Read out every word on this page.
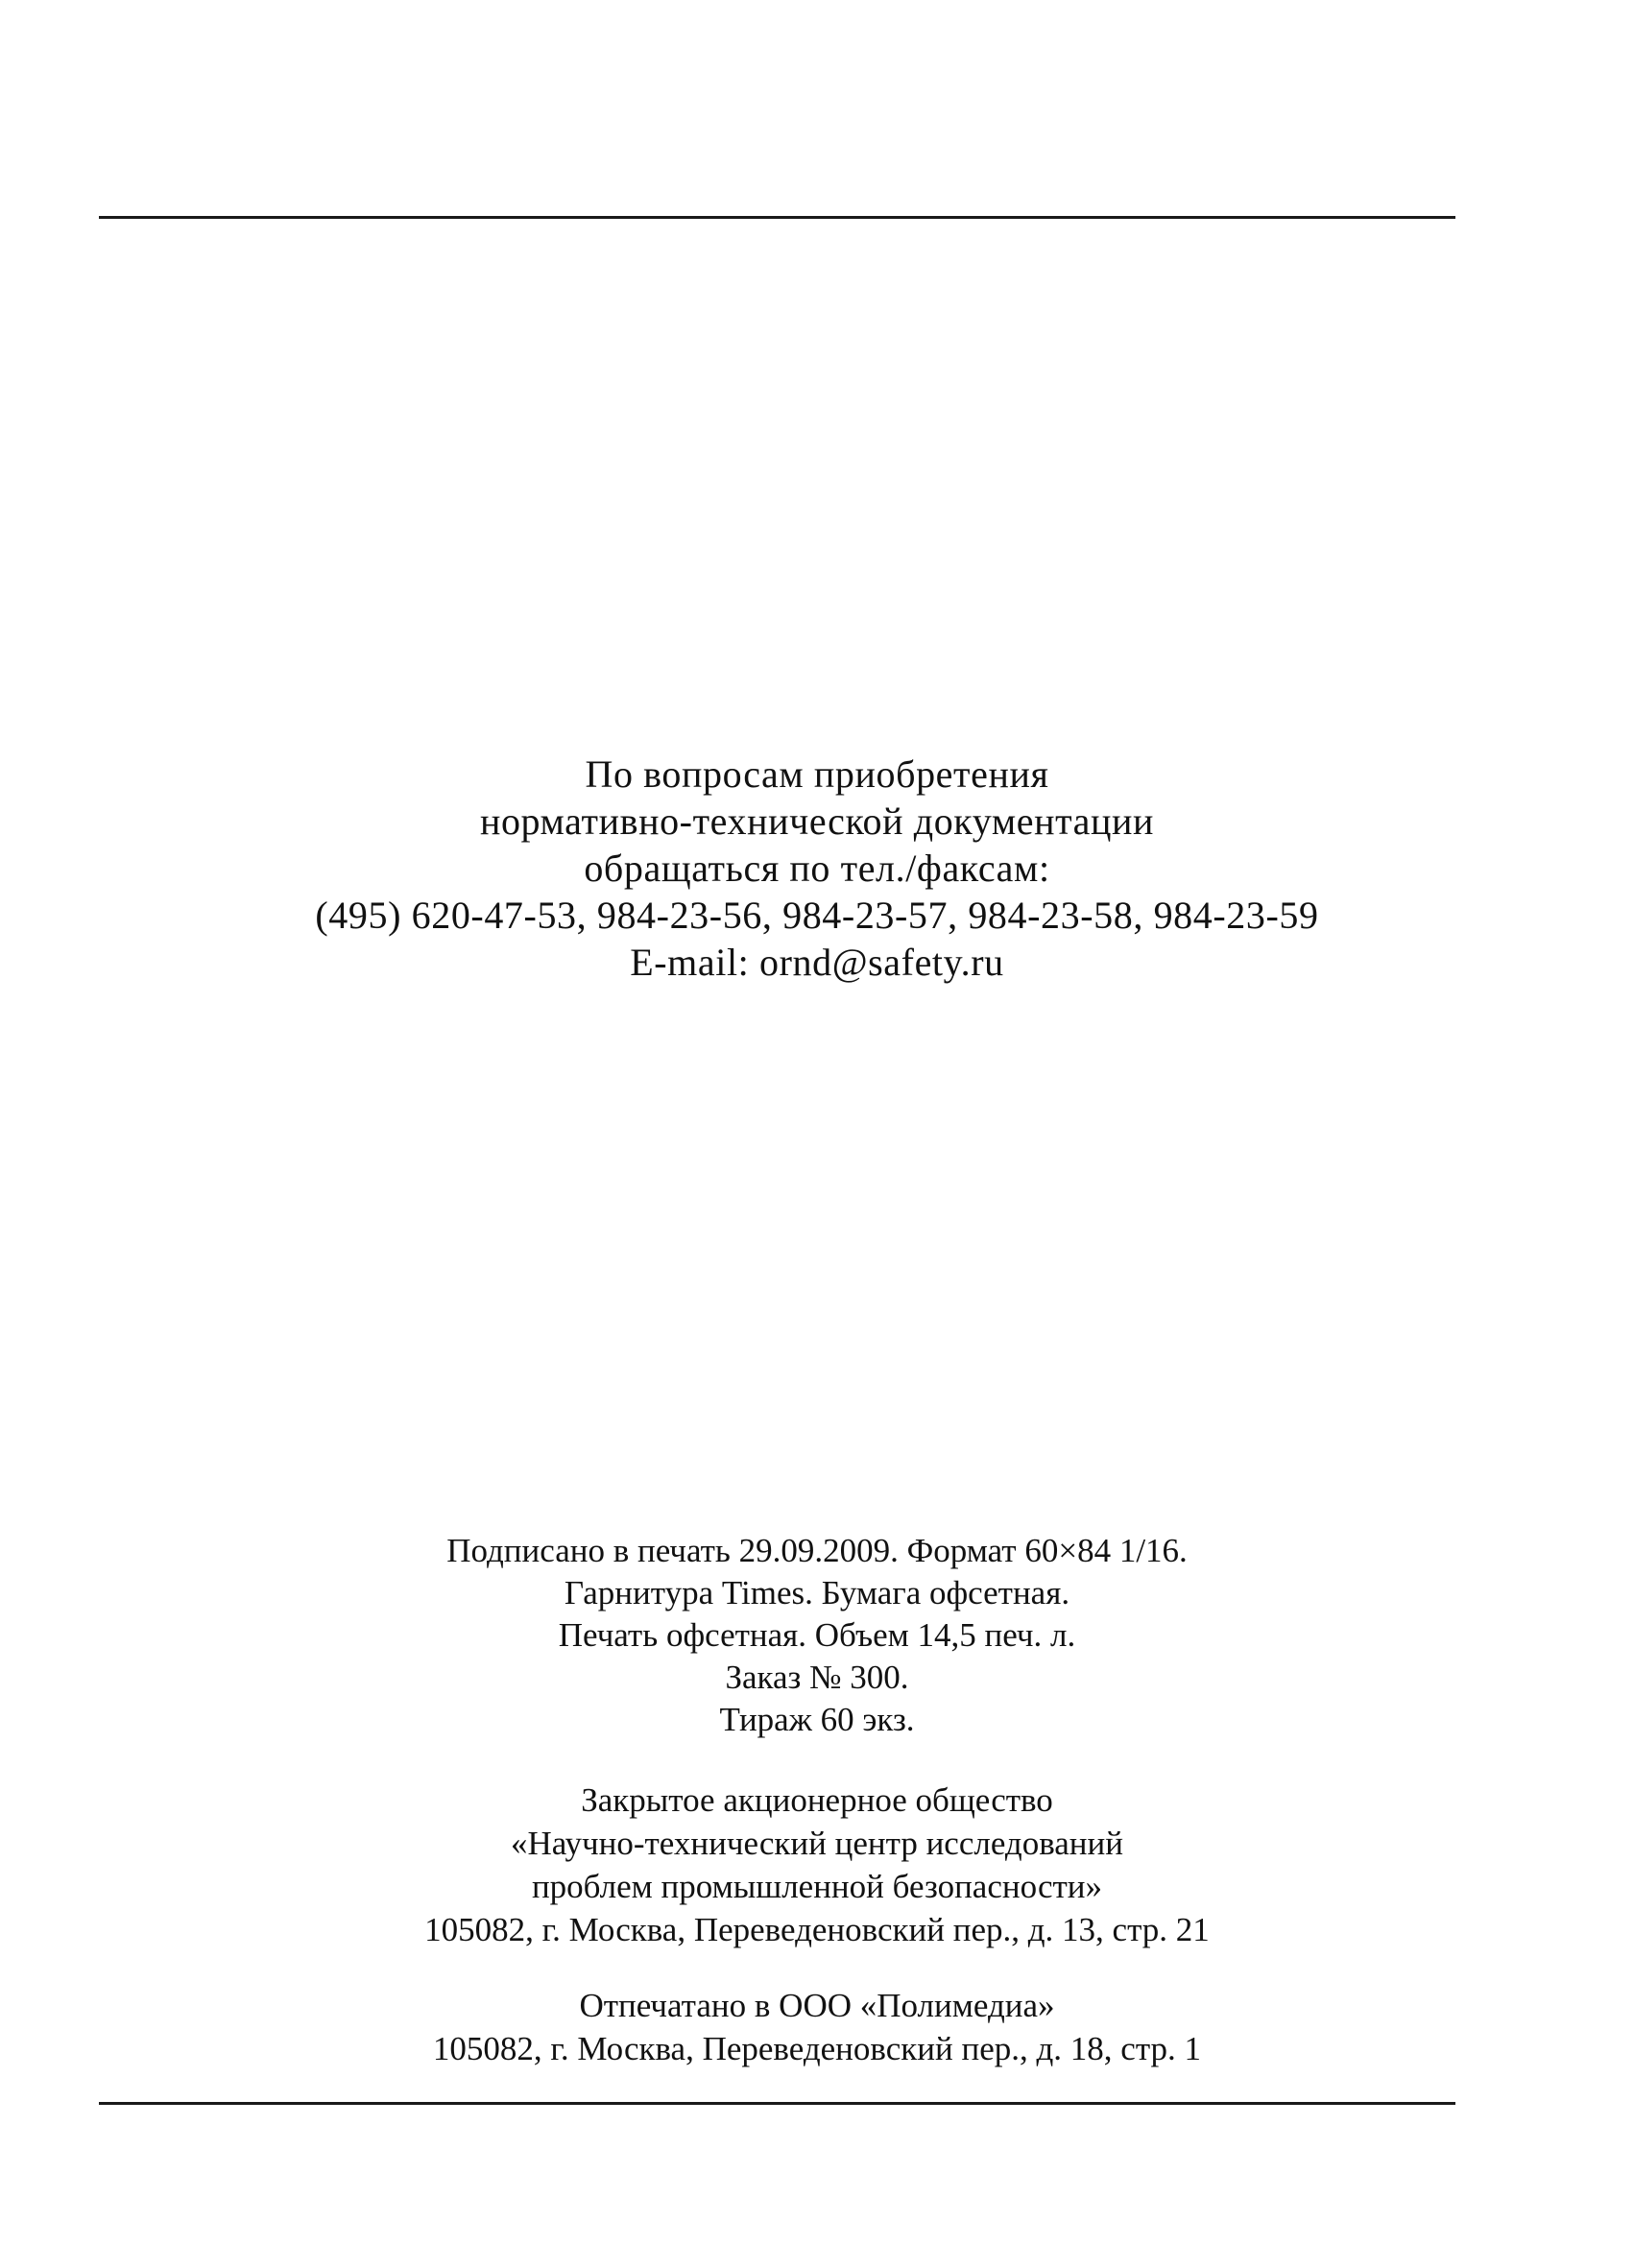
По вопросам приобретения
нормативно-технической документации
обращаться по тел./факсам:
(495) 620-47-53, 984-23-56, 984-23-57, 984-23-58, 984-23-59
E-mail: ornd@safety.ru
Подписано в печать 29.09.2009. Формат 60×84 1/16.
Гарнитура Times. Бумага офсетная.
Печать офсетная. Объем 14,5 печ. л.
Заказ № 300.
Тираж 60 экз.
Закрытое акционерное общество
«Научно-технический центр исследований
проблем промышленной безопасности»
105082, г. Москва, Переведеновский пер., д. 13, стр. 21
Отпечатано в ООО «Полимедиа»
105082, г. Москва, Переведеновский пер., д. 18, стр. 1
